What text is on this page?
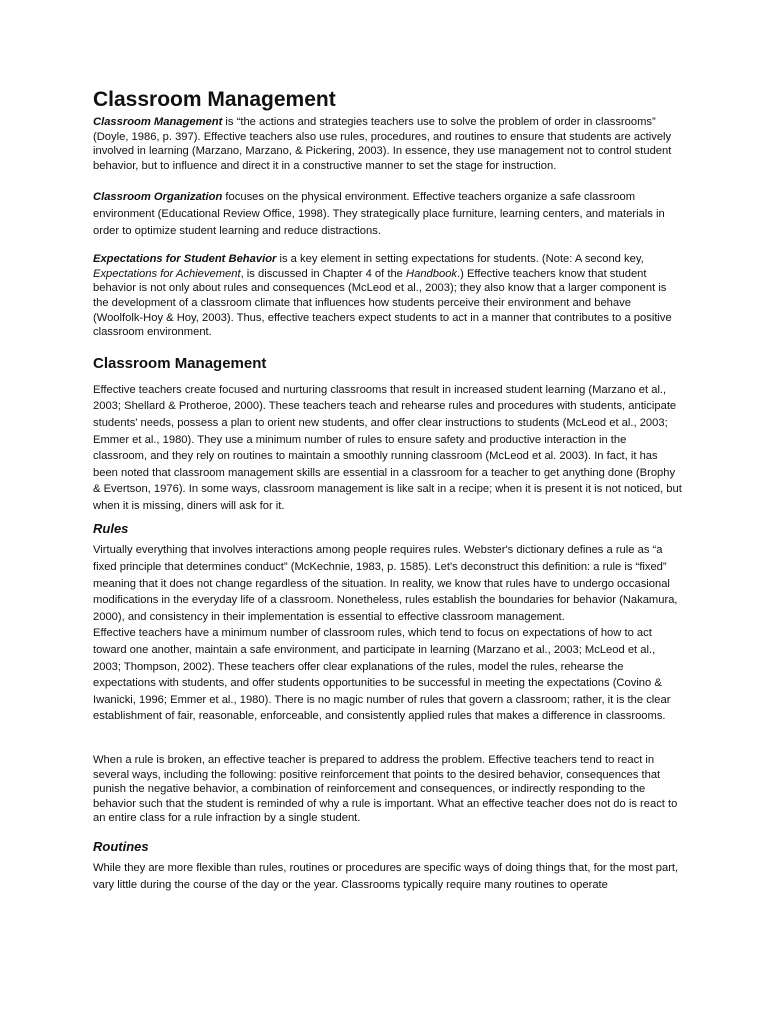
Classroom Management

Classroom Management is “the actions and strategies teachers use to solve the problem of order in classrooms” (Doyle, 1986, p. 397). Effective teachers also use rules, procedures, and routines to ensure that students are actively involved in learning (Marzano, Marzano, & Pickering, 2003). In essence, they use management not to control student behavior, but to influence and direct it in a constructive manner to set the stage for instruction.

Classroom Organization focuses on the physical environment. Effective teachers organize a safe classroom environment (Educational Review Office, 1998). They strategically place furniture, learning centers, and materials in order to optimize student learning and reduce distractions.

Expectations for Student Behavior is a key element in setting expectations for students. (Note: A second key, Expectations for Achievement, is discussed in Chapter 4 of the Handbook.) Effective teachers know that student behavior is not only about rules and consequences (McLeod et al., 2003); they also know that a larger component is the development of a classroom climate that influences how students perceive their environment and behave (Woolfolk-Hoy & Hoy, 2003). Thus, effective teachers expect students to act in a manner that contributes to a positive classroom environment.

Classroom Management

Effective teachers create focused and nurturing classrooms that result in increased student learning (Marzano et al., 2003; Shellard & Protheroe, 2000). These teachers teach and rehearse rules and procedures with students, anticipate students' needs, possess a plan to orient new students, and offer clear instructions to students (McLeod et al., 2003; Emmer et al., 1980). They use a minimum number of rules to ensure safety and productive interaction in the classroom, and they rely on routines to maintain a smoothly running classroom (McLeod et al. 2003). In fact, it has been noted that classroom management skills are essential in a classroom for a teacher to get anything done (Brophy & Evertson, 1976). In some ways, classroom management is like salt in a recipe; when it is present it is not noticed, but when it is missing, diners will ask for it.

Rules

Virtually everything that involves interactions among people requires rules. Webster's dictionary defines a rule as “a fixed principle that determines conduct” (McKechnie, 1983, p. 1585). Let's deconstruct this definition: a rule is “fixed” meaning that it does not change regardless of the situation. In reality, we know that rules have to undergo occasional modifications in the everyday life of a classroom. Nonetheless, rules establish the boundaries for behavior (Nakamura, 2000), and consistency in their implementation is essential to effective classroom management.

Effective teachers have a minimum number of classroom rules, which tend to focus on expectations of how to act toward one another, maintain a safe environment, and participate in learning (Marzano et al., 2003; McLeod et al., 2003; Thompson, 2002). These teachers offer clear explanations of the rules, model the rules, rehearse the expectations with students, and offer students opportunities to be successful in meeting the expectations (Covino & Iwanicki, 1996; Emmer et al., 1980). There is no magic number of rules that govern a classroom; rather, it is the clear establishment of fair, reasonable, enforceable, and consistently applied rules that makes a difference in classrooms.

When a rule is broken, an effective teacher is prepared to address the problem. Effective teachers tend to react in several ways, including the following: positive reinforcement that points to the desired behavior, consequences that punish the negative behavior, a combination of reinforcement and consequences, or indirectly responding to the behavior such that the student is reminded of why a rule is important. What an effective teacher does not do is react to an entire class for a rule infraction by a single student.

Routines

While they are more flexible than rules, routines or procedures are specific ways of doing things that, for the most part, vary little during the course of the day or the year. Classrooms typically require many routines to operate
